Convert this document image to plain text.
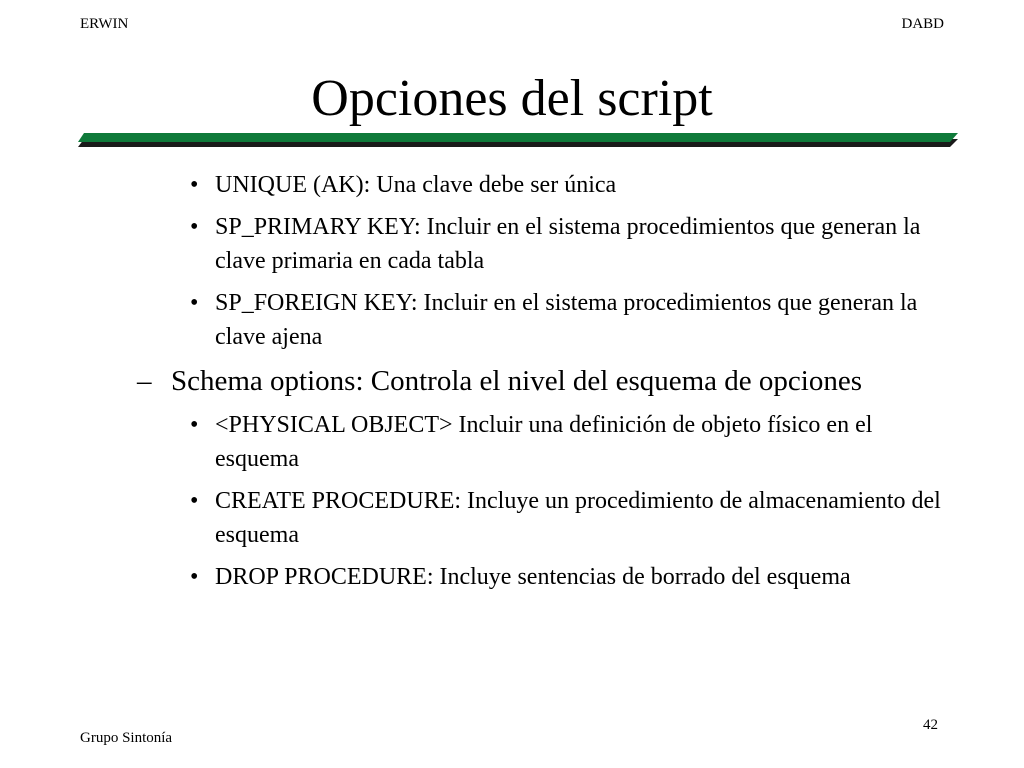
ERWIN	DABD
Opciones del script
• UNIQUE (AK): Una clave debe ser única
• SP_PRIMARY KEY: Incluir en el sistema procedimientos que generan la clave primaria en cada tabla
• SP_FOREIGN KEY: Incluir en el sistema procedimientos que generan la clave ajena
– Schema options: Controla el nivel del esquema de opciones
• <PHYSICAL OBJECT> Incluir una definición de objeto físico en el esquema
• CREATE PROCEDURE: Incluye un procedimiento de almacenamiento del esquema
• DROP PROCEDURE: Incluye sentencias de borrado del esquema
Grupo Sintonía
42
